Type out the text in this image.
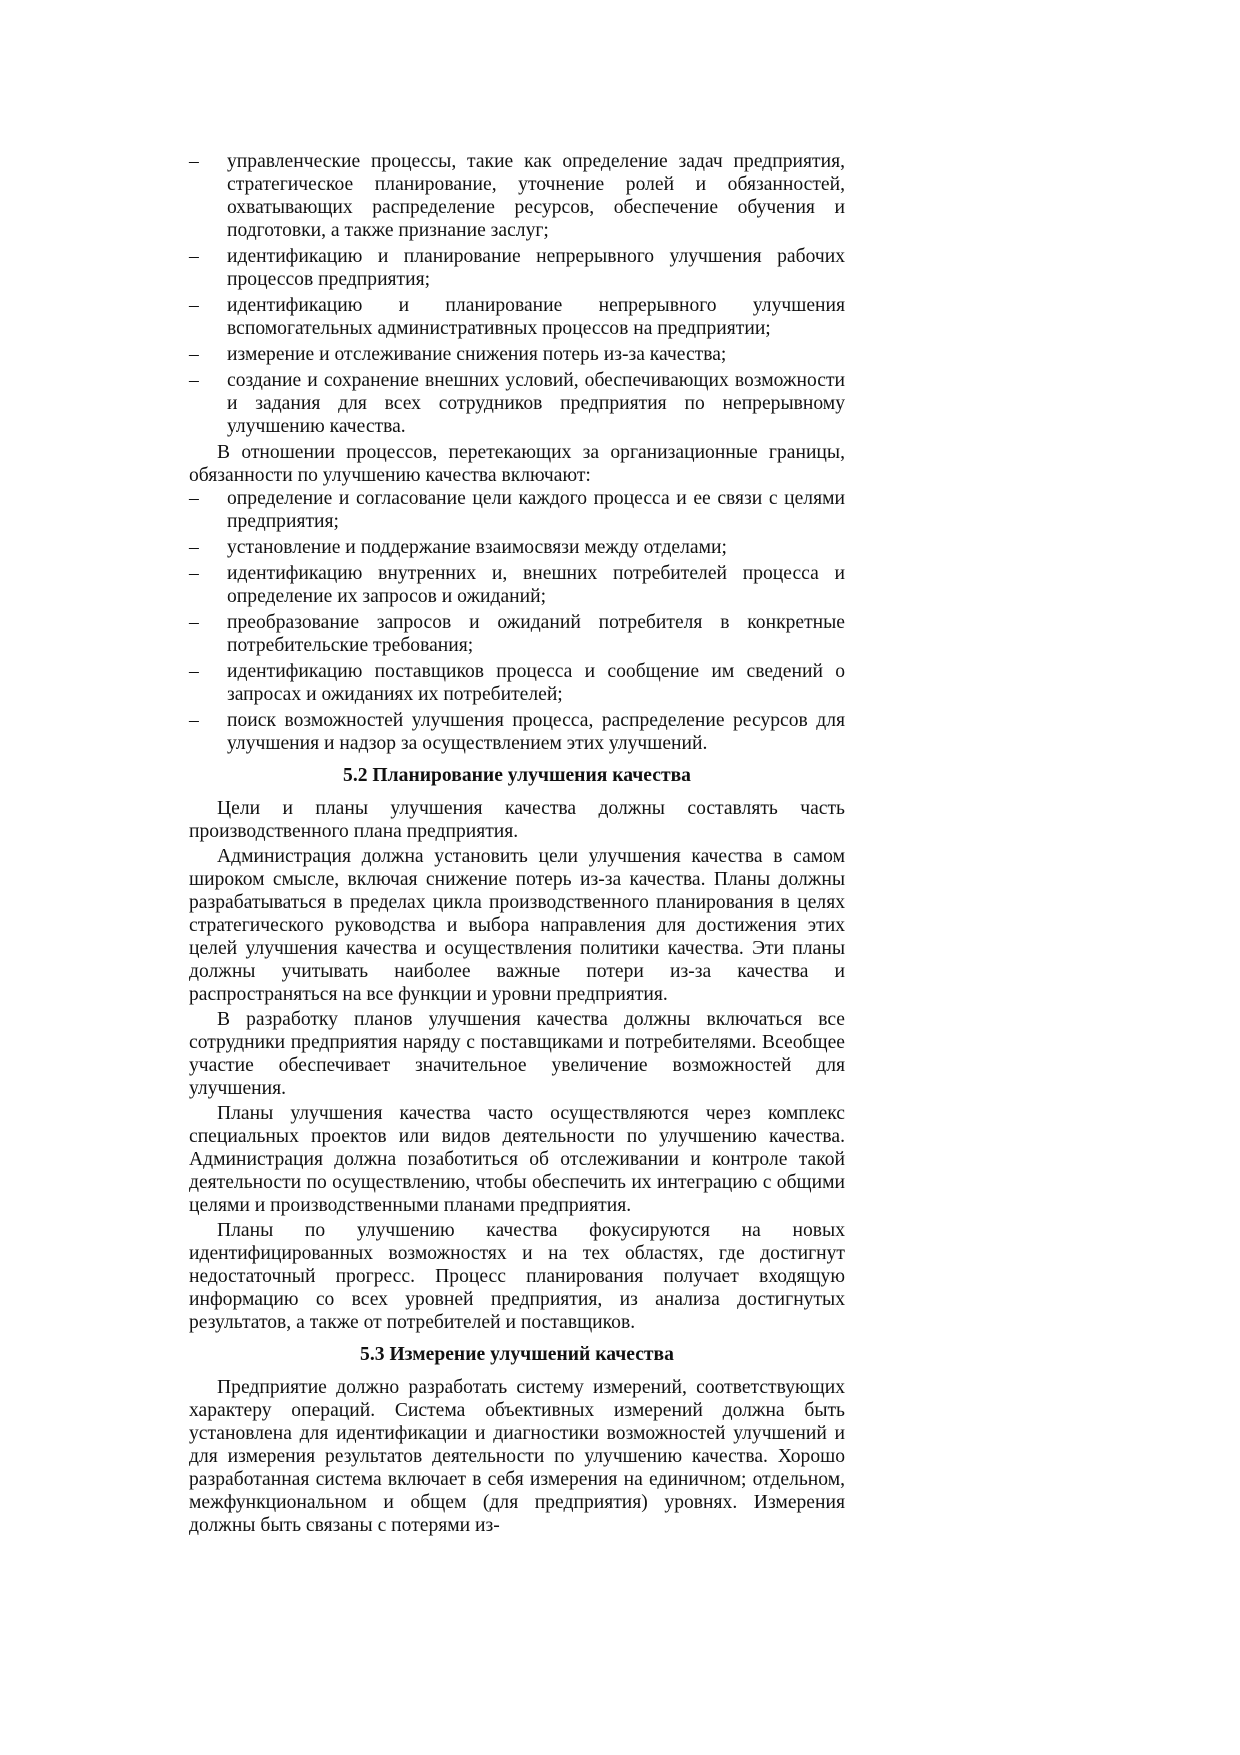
– управленческие процессы, такие как определение задач предприятия, стратегическое планирование, уточнение ролей и обязанностей, охватывающих распределение ресурсов, обеспечение обучения и подготовки, а также признание заслуг;
– идентификацию и планирование непрерывного улучшения рабочих процессов предприятия;
– идентификацию и планирование непрерывного улучшения вспомогательных административных процессов на предприятии;
– измерение и отслеживание снижения потерь из-за качества;
– создание и сохранение внешних условий, обеспечивающих возможности и задания для всех сотрудников предприятия по непрерывному улучшению качества.

В отношении процессов, перетекающих за организационные границы, обязанности по улучшению качества включают:

– определение и согласование цели каждого процесса и ее связи с целями предприятия;
– установление и поддержание взаимосвязи между отделами;
– идентификацию внутренних и, внешних потребителей процесса и определение их запросов и ожиданий;
– преобразование запросов и ожиданий потребителя в конкретные потребительские требования;
– идентификацию поставщиков процесса и сообщение им сведений о запросах и ожиданиях их потребителей;
– поиск возможностей улучшения процесса, распределение ресурсов для улучшения и надзор за осуществлением этих улучшений.
5.2 Планирование улучшения качества

Цели и планы улучшения качества должны составлять часть производственного плана предприятия.

Администрация должна установить цели улучшения качества в самом широком смысле, включая снижение потерь из-за качества. Планы должны разрабатываться в пределах цикла производственного планирования в целях стратегического руководства и выбора направления для достижения этих целей улучшения качества и осуществления политики качества. Эти планы должны учитывать наиболее важные потери из-за качества и распространяться на все функции и уровни предприятия.

В разработку планов улучшения качества должны включаться все сотрудники предприятия наряду с поставщиками и потребителями. Всеобщее участие обеспечивает значительное увеличение возможностей для улучшения.

Планы улучшения качества часто осуществляются через комплекс специальных проектов или видов деятельности по улучшению качества. Администрация должна позаботиться об отслеживании и контроле такой деятельности по осуществлению, чтобы обеспечить их интеграцию с общими целями и производственными планами предприятия.

Планы по улучшению качества фокусируются на новых идентифицированных возможностях и на тех областях, где достигнут недостаточный прогресс. Процесс планирования получает входящую информацию со всех уровней предприятия, из анализа достигнутых результатов, а также от потребителей и поставщиков.

5.3 Измерение улучшений качества

Предприятие должно разработать систему измерений, соответствующих характеру операций. Система объективных измерений должна быть установлена для идентификации и диагностики возможностей улучшений и для измерения результатов деятельности по улучшению качества. Хорошо разработанная система включает в себя измерения на единичном; отдельном, межфункциональном и общем (для предприятия) уровнях. Измерения должны быть связаны с потерями из-
